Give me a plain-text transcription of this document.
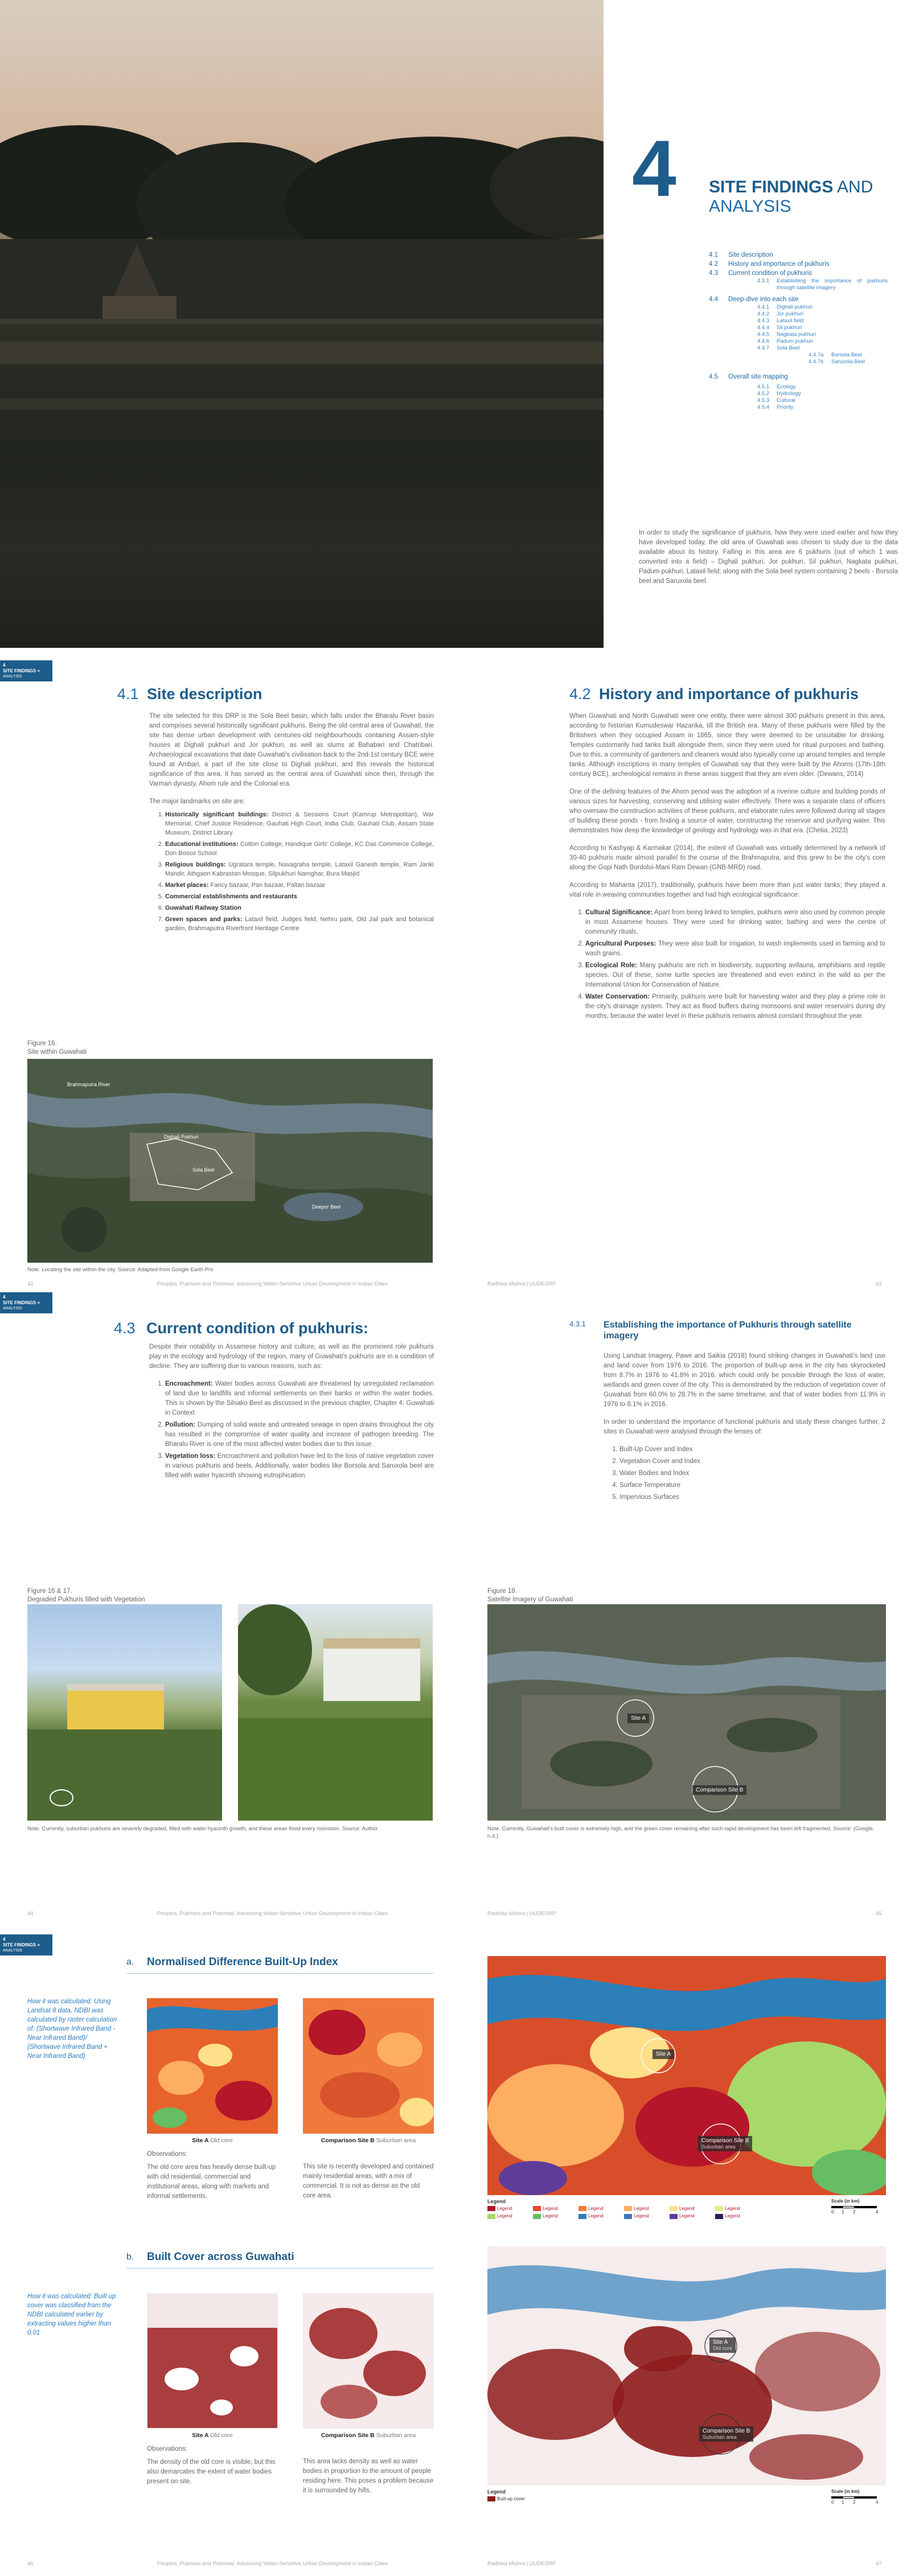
4 SITE FINDINGS AND
ANALYSIS
4.1 Site description
4.2 History and importance of pukhuris
4.3 Current condition of pukhuris
4.3.1 Establishing the importance of pukhuris through satellite imagery
4.4 Deep-dive into each site
4.4.1 Dighali pukhuri
4.4.2 Jor pukhuri
4.4.3 Lataxil field
4.4.4 Sil pukhuri
4.4.5 Nagkata pukhuri
4.4.6 Padum pukhuri
4.4.7 Sola Beel
4.4.7a Borsola Beel
4.4.7b Saruxola Beel
4.5 Overall site mapping
4.5.1 Ecology
4.5.2 Hydrology
4.5.3 Cultural
4.5.4 Priority
In order to study the significance of pukhuris, how they were used earlier and how they have developed today, the old area of Guwahati was chosen to study due to the data available about its history. Falling in this area are 6 pukhuris (out of which 1 was converted into a field) – Dighali pukhuri, Jor pukhuri, Sil pukhuri, Nagkata pukhuri, Padum pukhuri, Lataxil field; along with the Sola beel system containing 2 beels - Borsola beel and Saruxola beel.
4
SITE FINDINGS +
ANALYSIS
4.1 Site description

The site selected for this DRP is the Sola Beel basin, which falls under the Bharalu River basin and comprises several historically significant pukhuris. Being the old central area of Guwahati, the site has dense urban development with centuries-old neighbourhoods containing Assam-style houses at Dighali pukhuri and Jor pukhuri, as well as slums at Bahabari and Chatribari. Archaeological excavations that date Guwahati's civilisation back to the 2nd-1st century BCE were found at Ambari, a part of the site close to Dighali pukhuri, and this reveals the historical significance of this area. It has served as the central area of Guwahati since then, through the Varman dynasty, Ahom rule and the Colonial era.

The major landmarks on site are:

1. Historically significant buildings: District & Sessions Court (Kamrup Metropolitan), War Memorial, Chief Justice Residence, Gauhati High Court, India Club, Gauhati Club, Assam State Museum, District Library
2. Educational institutions: Cotton College, Handique Girls' College, KC Das Commerce College, Don Bosco School
3. Religious buildings: Ugratara temple, Navagraha temple, Lataxil Ganesh temple, Ram Janki Mandir, Athgaon Kabrastan Mosque, Silpukhuri Namghar, Bura Masjid
4. Market places: Fancy bazaar, Pan bazaar, Paltan bazaar
5. Commercial establishments and restaurants
6. Guwahati Railway Station
7. Green spaces and parks: Lataxil field, Judges field, Nehru park, Old Jail park and botanical garden, Brahmaputra Riverfront Heritage Centre
Figure 16.
Site within Guwahati
Brahmaputra River
Dighali Pukhuri
Sola Beel
Deepor Beel
Note. Locating the site within the city. Source: Adapted from Google Earth Pro
4.2 History and importance of pukhuris

When Guwahati and North Guwahati were one entity, there were almost 300 pukhuris present in this area, according to historian Kumudeswar Hazarika, till the British era. Many of these pukhuris were filled by the Britishers when they occupied Assam in 1865, since they were deemed to be unsuitable for drinking. Temples customarily had tanks built alongside them, since they were used for ritual purposes and bathing. Due to this, a community of gardeners and cleaners would also typically come up around temples and temple tanks. Although inscriptions in many temples of Guwahati say that they were built by the Ahoms (17th-18th century BCE), archeological remains in these areas suggest that they are even older. (Dewans, 2014)

One of the defining features of the Ahom period was the adoption of a riverine culture and building ponds of various sizes for harvesting, conserving and utilising water effectively. There was a separate class of officers who oversaw the construction activities of these pukhuris, and elaborate rules were followed during all stages of building these ponds - from finding a source of water, constructing the reservoir and purifying water. This demonstrates how deep the knowledge of geology and hydrology was in that era. (Chetia, 2023)

According to Kashyap & Karmakar (2014), the extent of Guwahati was virtually determined by a network of 30-40 pukhuris made almost parallel to the course of the Brahmaputra, and this grew to be the city's core along the Gopi Nath Bordoloi-Mani Ram Dewan (GNB-MRD) road.

According to Mahanta (2017), traditionally, pukhuris have been more than just water tanks; they played a vital role in weaving communities together and had high ecological significance:

1. Cultural Significance: Apart from being linked to temples, pukhuris were also used by common people in most Assamese houses. They were used for drinking water, bathing and were the centre of community rituals.
2. Agricultural Purposes: They were also built for irrigation, to wash implements used in farming and to wash grains.
3. Ecological Role: Many pukhuris are rich in biodiversity, supporting avifauna, amphibians and reptile species. Out of these, some turtle species are threatened and even extinct in the wild as per the International Union for Conservation of Nature.
4. Water Conservation: Primarily, pukhuris were built for harvesting water and they play a prime role in the city's drainage system. They act as flood buffers during monsoons and water reservoirs during dry months, because the water level in these pukhuris remains almost constant throughout the year.
42	Peoples, Pukhuris and Potential: Advancing Water-Sensitive Urban Development in Indian Cities	Radhika Mishra | UUDESRP	43
4
SITE FINDINGS +
ANALYSIS
4.3 Current condition of pukhuris:

Despite their notability in Assamese history and culture, as well as the prominent role pukhuris play in the ecology and hydrology of the region, many of Guwahati's pukhuris are in a condition of decline. They are suffering due to various reasons, such as:

1. Encroachment: Water bodies across Guwahati are threatened by unregulated reclamation of land due to landfills and informal settlements on their banks or within the water bodies. This is shown by the Silsako Beel as discussed in the previous chapter, Chapter 4: Guwahati in Context
2. Pollution: Dumping of solid waste and untreated sewage in open drains throughout the city has resulted in the compromise of water quality and increase of pathogen breeding. The Bharalu River is one of the most affected water bodies due to this issue.
3. Vegetation loss: Encroachment and pollution have led to the loss of native vegetation cover in various pukhuris and beels. Additionally, water bodies like Borsola and Saruxola beel are filled with water hyacinth showing eutrophication.
4.3.1 Establishing the importance of Pukhuris through satellite imagery

Using Landsat Imagery, Pawe and Saikia (2018) found striking changes in Guwahati's land use and land cover from 1976 to 2016. The proportion of built-up area in the city has skyrocketed from 8.7% in 1976 to 41.8% in 2016, which could only be possible through the loss of water, wetlands and green cover of the city. This is demonstrated by the reduction of vegetation cover of Guwahati from 60.0% to 28.7% in the same timeframe, and that of water bodies from 11.9% in 1976 to 8.1% in 2016.

In order to understand the importance of functional pukhuris and study these changes further, 2 sites in Guwahati were analysed through the lenses of:

1. Built-Up Cover and Index
2. Vegetation Cover and Index
3. Water Bodies and Index
4. Surface Temperature
5. Impervious Surfaces
Figure 16 & 17.
Degraded Pukhuris filled with Vegetation
Note. Currently, suburban pukhuris are severely degraded, filled with water hyacinth growth, and these areas flood every monsoon. Source: Author
Figure 18.
Satellite Imagery of Guwahati
Site A
Comparison Site B
Note. Currently, Guwahati's built cover is extremely high, and the green cover remaining after such rapid development has been left fragmented. Source: (Google, n.d.)
44	Peoples, Pukhuris and Potential: Advancing Water-Sensitive Urban Development in Indian Cities	Radhika Mishra | UUDESRP	45
4
SITE FINDINGS +
ANALYSIS
a. Normalised Difference Built-Up Index
How it was calculated: Using Landsat 8 data, NDBI was calculated by raster calculation of: (Shortwave Infrared Band - Near Infrared Band)/ (Shortwave Infrared Band + Near Infrared Band)
Site A Old core	Comparison Site B Suburban area
Observations:
The old core area has heavily dense built-up with old residential, commercial and institutional areas, along with markets and informal settlements.
This site is recently developed and contained mainly residential areas, with a mix of commercial. It is not as dense as the old core area.
b. Built Cover across Guwahati
How it was calculated: Built up cover was classified from the NDBI calculated earlier by extracting values higher than 0.01
Site A Old core	Comparison Site B Suburban area
Observations:
The density of the old core is visible, but this also demarcates the extent of water bodies present on site.
This area lacks density as well as water bodies in proportion to the amount of people residing here. This poses a problem because it is surrounded by hills.
Site A
Comparison Site B
Suburban area
Legend
Legend	Legend	Legend	Legend	Legend	Legend
Legend	Legend	Legend	Legend	Legend	Legend
Scale (in km)
0 1 2	4
Site A
Old core
Comparison Site B
Suburban area
Legend
Built-up cover
Scale (in km)
0 1 2	4
46	Peoples, Pukhuris and Potential: Advancing Water-Sensitive Urban Development in Indian Cities	Radhika Mishra | UUDESRP	47
